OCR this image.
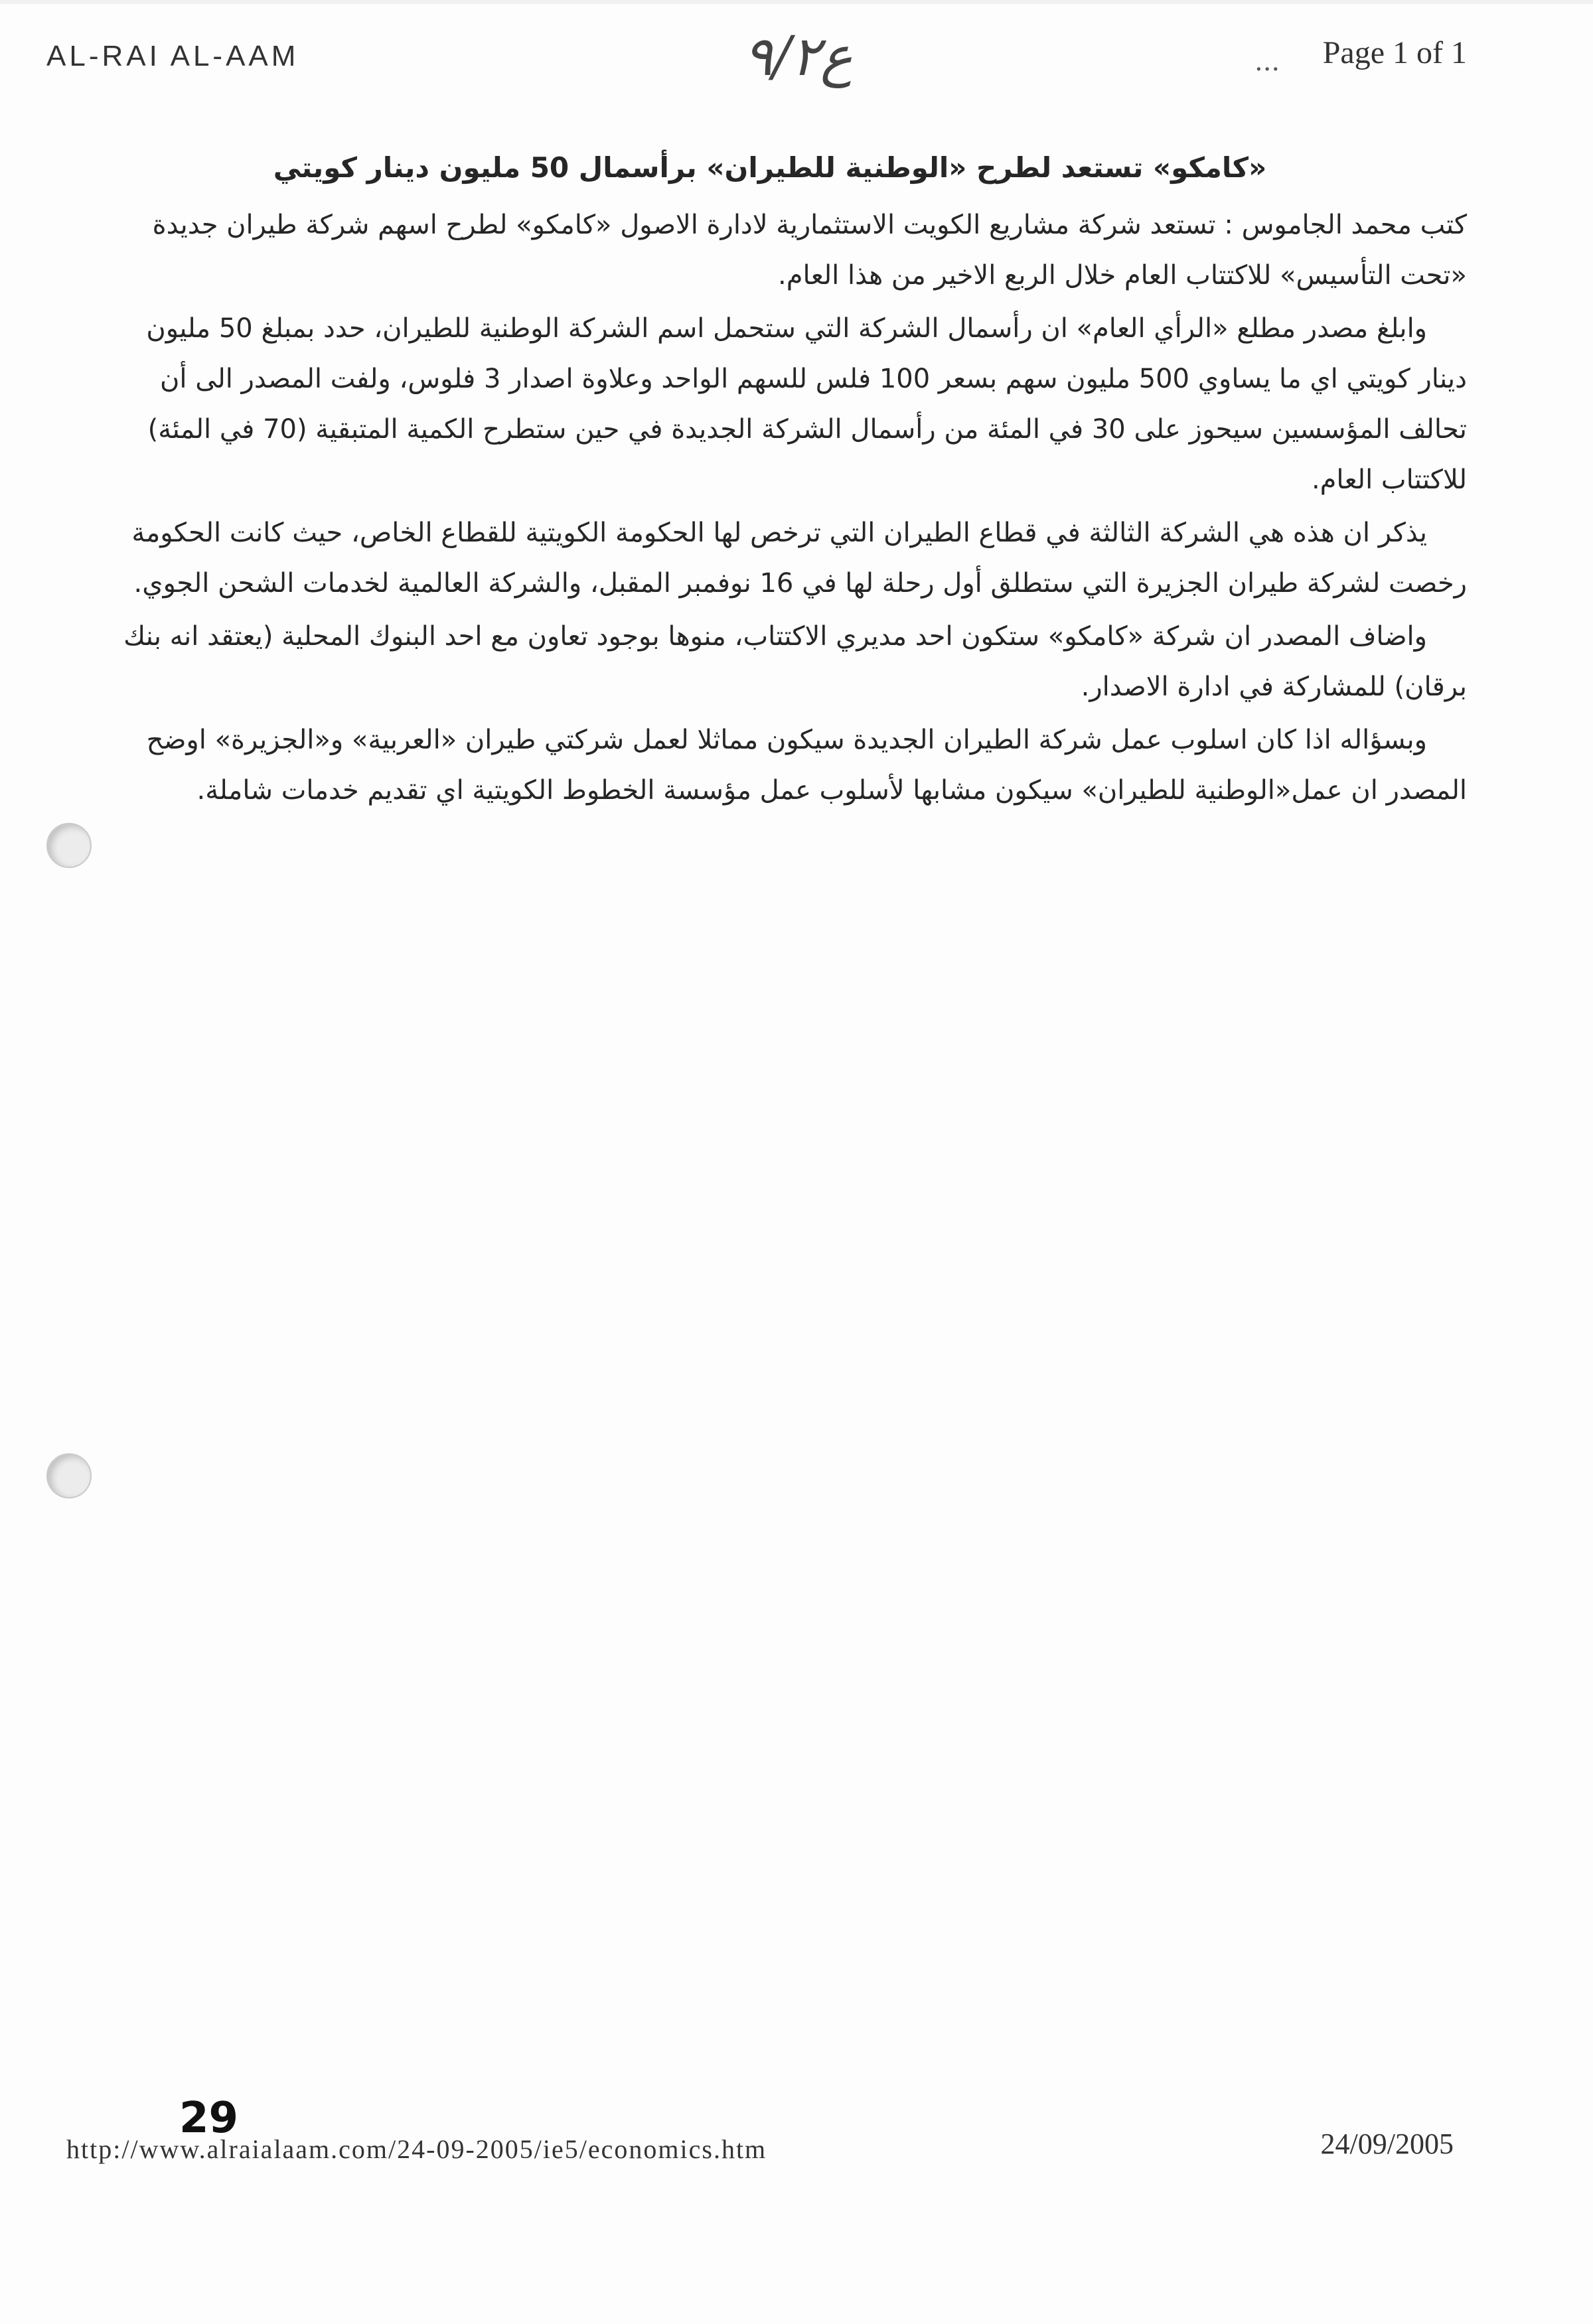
AL-RAI AL-AAM	ع٩/٢	... Page 1 of 1
«كامكو» تستعد لطرح «الوطنية للطيران» برأسمال 50 مليون دينار كويتي

كتب محمد الجاموس : تستعد شركة مشاريع الكويت الاستثمارية لادارة الاصول «كامكو» لطرح اسهم شركة طيران جديدة «تحت التأسيس» للاكتتاب العام خلال الربع الاخير من هذا العام.

وابلغ مصدر مطلع «الرأي العام» ان رأسمال الشركة التي ستحمل اسم الشركة الوطنية للطيران، حدد بمبلغ 50 مليون دينار كويتي اي ما يساوي 500 مليون سهم بسعر 100 فلس للسهم الواحد وعلاوة اصدار 3 فلوس، ولفت المصدر الى أن تحالف المؤسسين سيحوز على 30 في المئة من رأسمال الشركة الجديدة في حين ستطرح الكمية المتبقية (70 في المئة) للاكتتاب العام.

يذكر ان هذه هي الشركة الثالثة في قطاع الطيران التي ترخص لها الحكومة الكويتية للقطاع الخاص، حيث كانت الحكومة رخصت لشركة طيران الجزيرة التي ستطلق أول رحلة لها في 16 نوفمبر المقبل، والشركة العالمية لخدمات الشحن الجوي.

واضاف المصدر ان شركة «كامكو» ستكون احد مديري الاكتتاب، منوها بوجود تعاون مع احد البنوك المحلية (يعتقد انه بنك برقان) للمشاركة في ادارة الاصدار.

وبسؤاله اذا كان اسلوب عمل شركة الطيران الجديدة سيكون مماثلا لعمل شركتي طيران «العربية» و«الجزيرة» اوضح المصدر ان عمل«الوطنية للطيران» سيكون مشابها لأسلوب عمل مؤسسة الخطوط الكويتية اي تقديم خدمات شاملة.

29
http://www.alraialaam.com/24-09-2005/ie5/economics.htm	24/09/2005
